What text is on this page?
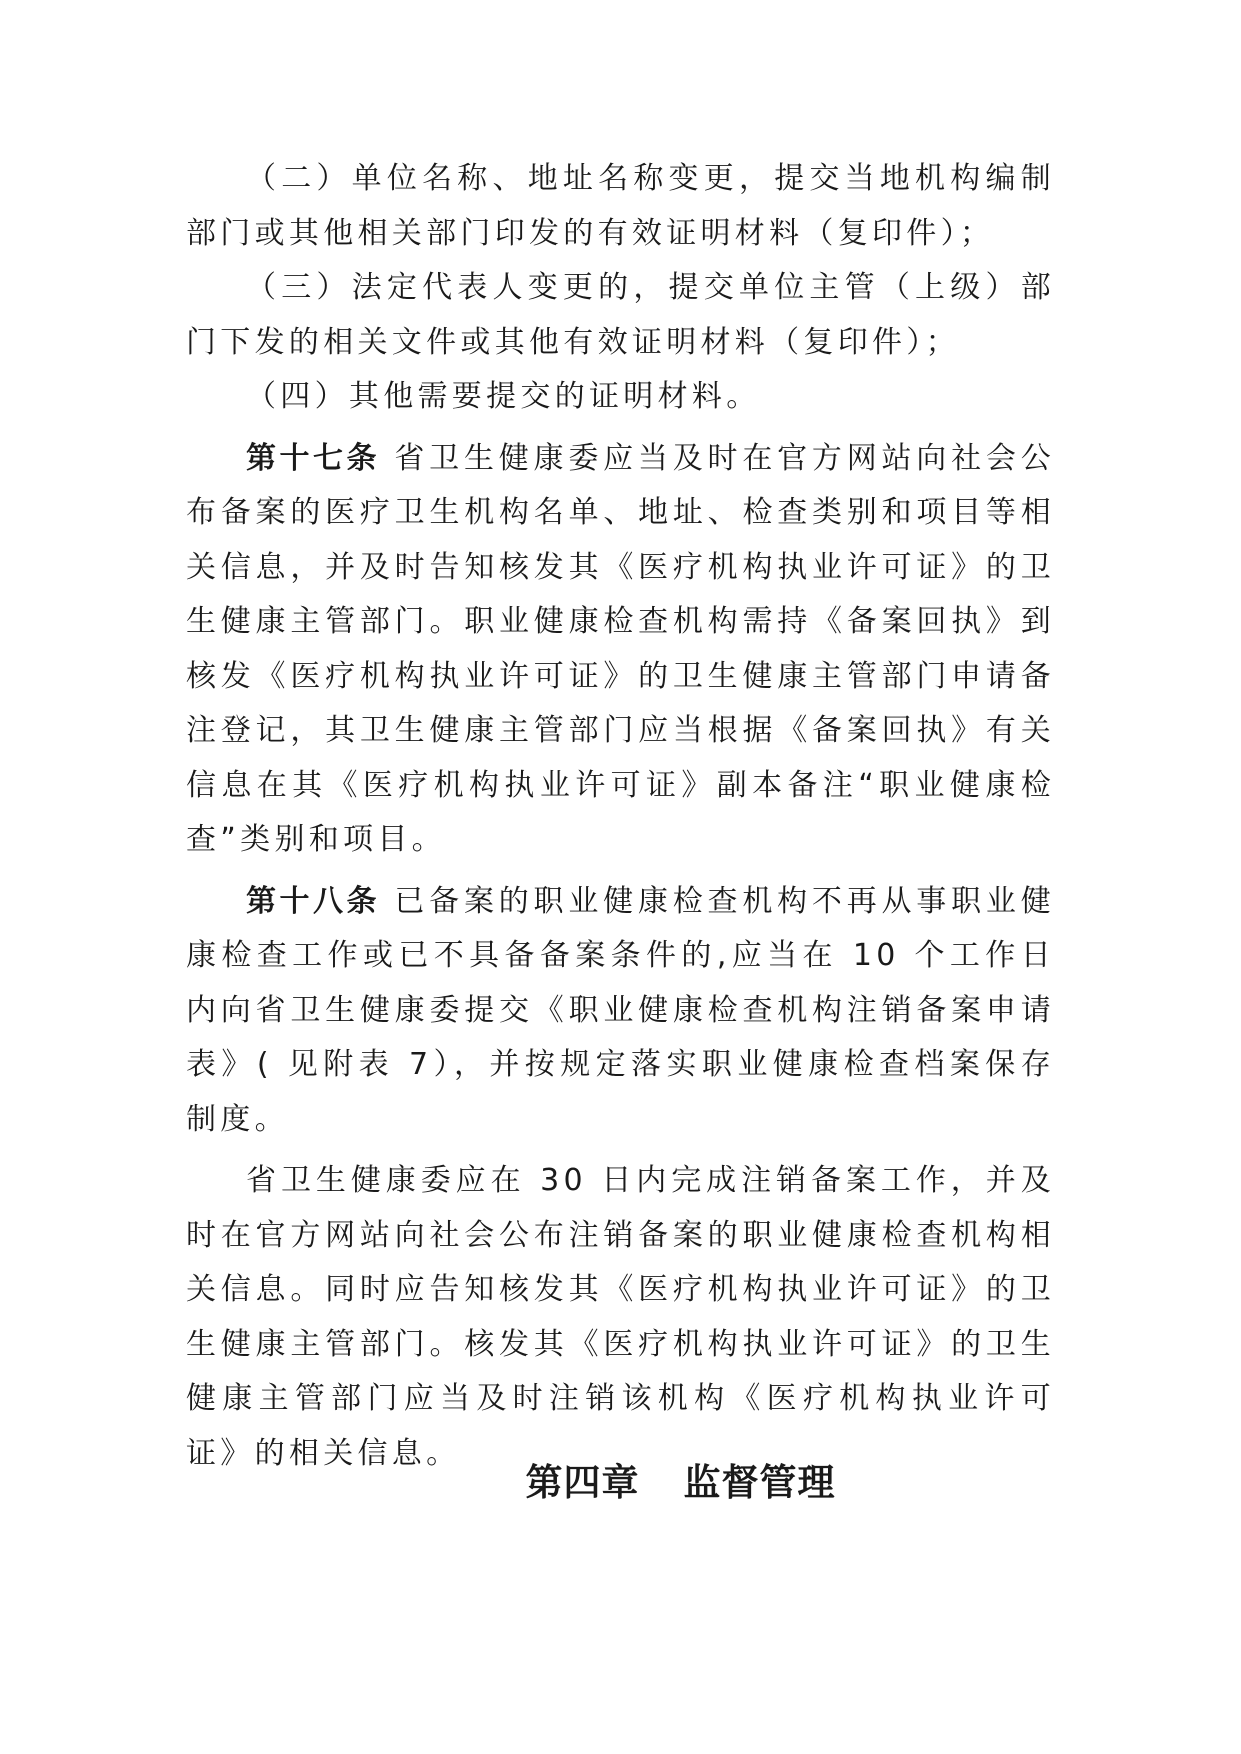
（二）单位名称、地址名称变更，提交当地机构编制部门或其他相关部门印发的有效证明材料（复印件）；

（三）法定代表人变更的，提交单位主管（上级）部门下发的相关文件或其他有效证明材料（复印件）；

（四）其他需要提交的证明材料。

第十七条 省卫生健康委应当及时在官方网站向社会公布备案的医疗卫生机构名单、地址、检查类别和项目等相关信息，并及时告知核发其《医疗机构执业许可证》的卫生健康主管部门。职业健康检查机构需持《备案回执》到核发《医疗机构执业许可证》的卫生健康主管部门申请备注登记，其卫生健康主管部门应当根据《备案回执》有关信息在其《医疗机构执业许可证》副本备注“职业健康检查”类别和项目。

第十八条 已备案的职业健康检查机构不再从事职业健康检查工作或已不具备备案条件的,应当在 10 个工作日内向省卫生健康委提交《职业健康检查机构注销备案申请表》( 见附表 7），并按规定落实职业健康检查档案保存制度。

省卫生健康委应在 30 日内完成注销备案工作，并及时在官方网站向社会公布注销备案的职业健康检查机构相关信息。同时应告知核发其《医疗机构执业许可证》的卫生健康主管部门。核发其《医疗机构执业许可证》的卫生健康主管部门应当及时注销该机构《医疗机构执业许可证》的相关信息。

第四章 监督管理
